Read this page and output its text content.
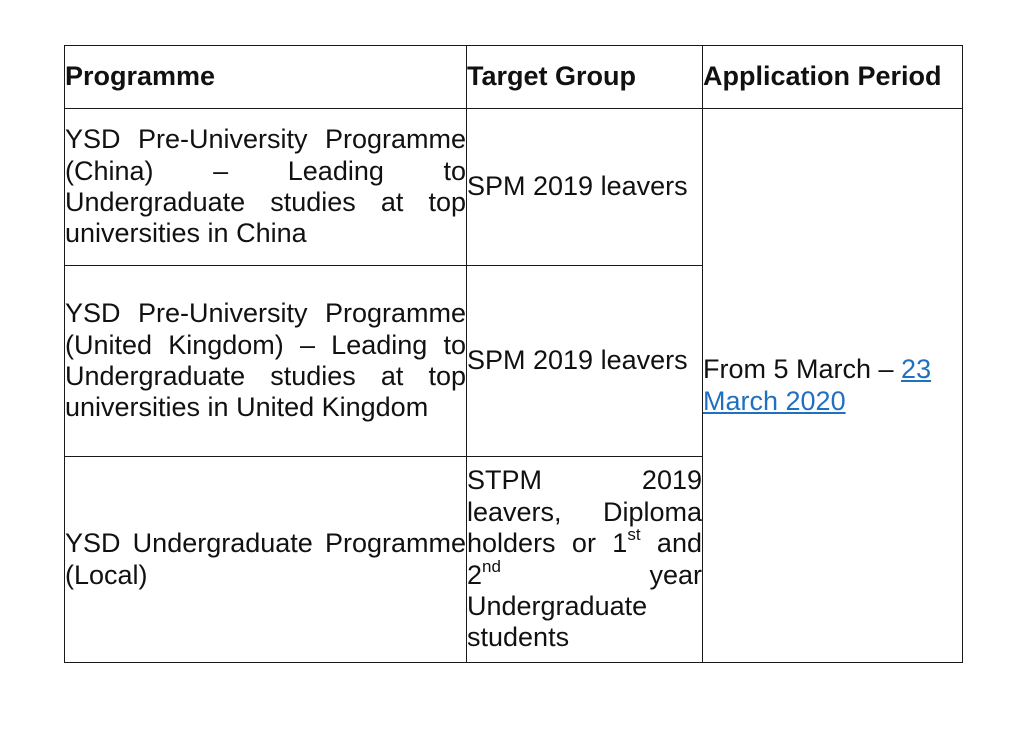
Programme	Target Group	Application Period
YSD Pre-University Programme (China) – Leading to Undergraduate studies at top universities in China	SPM 2019 leavers	From 5 March – 23 March 2020
YSD Pre-University Programme (United Kingdom) – Leading to Undergraduate studies at top universities in United Kingdom	SPM 2019 leavers	
YSD Undergraduate Programme (Local)	STPM 2019 leavers, Diploma holders or 1st and 2nd year Undergraduate students	
